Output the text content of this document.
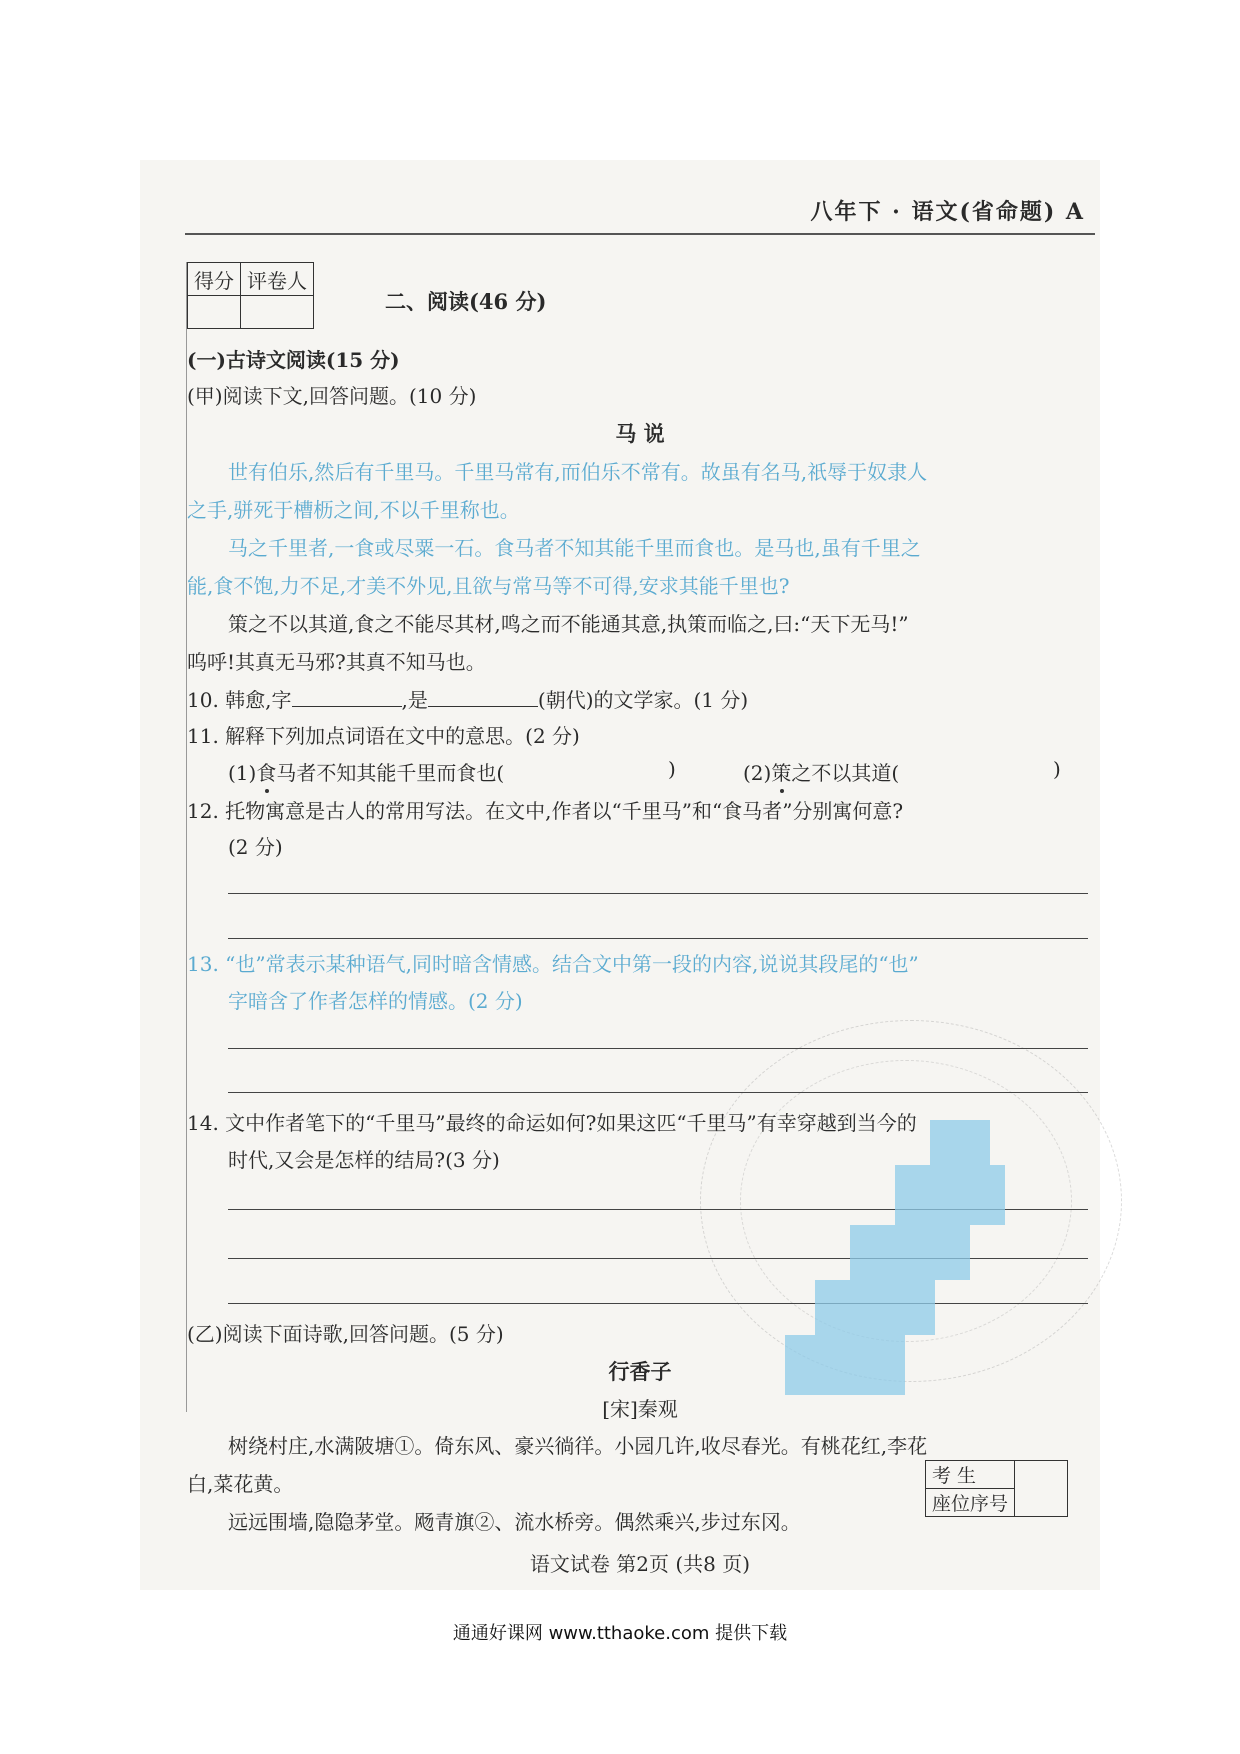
八年下 · 语文(省命题) A
得分	评卷人

二、阅读(46 分)
(一)古诗文阅读(15 分)
(甲)阅读下文,回答问题。(10 分)
马 说
世有伯乐,然后有千里马。千里马常有,而伯乐不常有。故虽有名马,祇辱于奴隶人
之手,骈死于槽枥之间,不以千里称也。
马之千里者,一食或尽粟一石。食马者不知其能千里而食也。是马也,虽有千里之
能,食不饱,力不足,才美不外见,且欲与常马等不可得,安求其能千里也?
策之不以其道,食之不能尽其材,鸣之而不能通其意,执策而临之,曰:“天下无马!”
呜呼!其真无马邪?其真不知马也。
10. 韩愈,字	,是	(朝代)的文学家。(1 分)
11. 解释下列加点词语在文中的意思。(2 分)
(1)食马者不知其能千里而食也(	)	(2)策之不以其道(	)
12. 托物寓意是古人的常用写法。在文中,作者以“千里马”和“食马者”分别寓何意?
(2 分)
13. “也”常表示某种语气,同时暗含情感。结合文中第一段的内容,说说其段尾的“也”
字暗含了作者怎样的情感。(2 分)
14. 文中作者笔下的“千里马”最终的命运如何?如果这匹“千里马”有幸穿越到当今的
时代,又会是怎样的结局?(3 分)
(乙)阅读下面诗歌,回答问题。(5 分)
行香子
[宋]秦观
树绕村庄,水满陂塘①。倚东风、豪兴徜徉。小园几许,收尽春光。有桃花红,李花
白,菜花黄。
远远围墙,隐隐茅堂。飏青旗②、流水桥旁。偶然乘兴,步过东冈。
考 生	
座位序号
语文试卷 第2页 (共8 页)
通通好课网 www.tthaoke.com 提供下载
